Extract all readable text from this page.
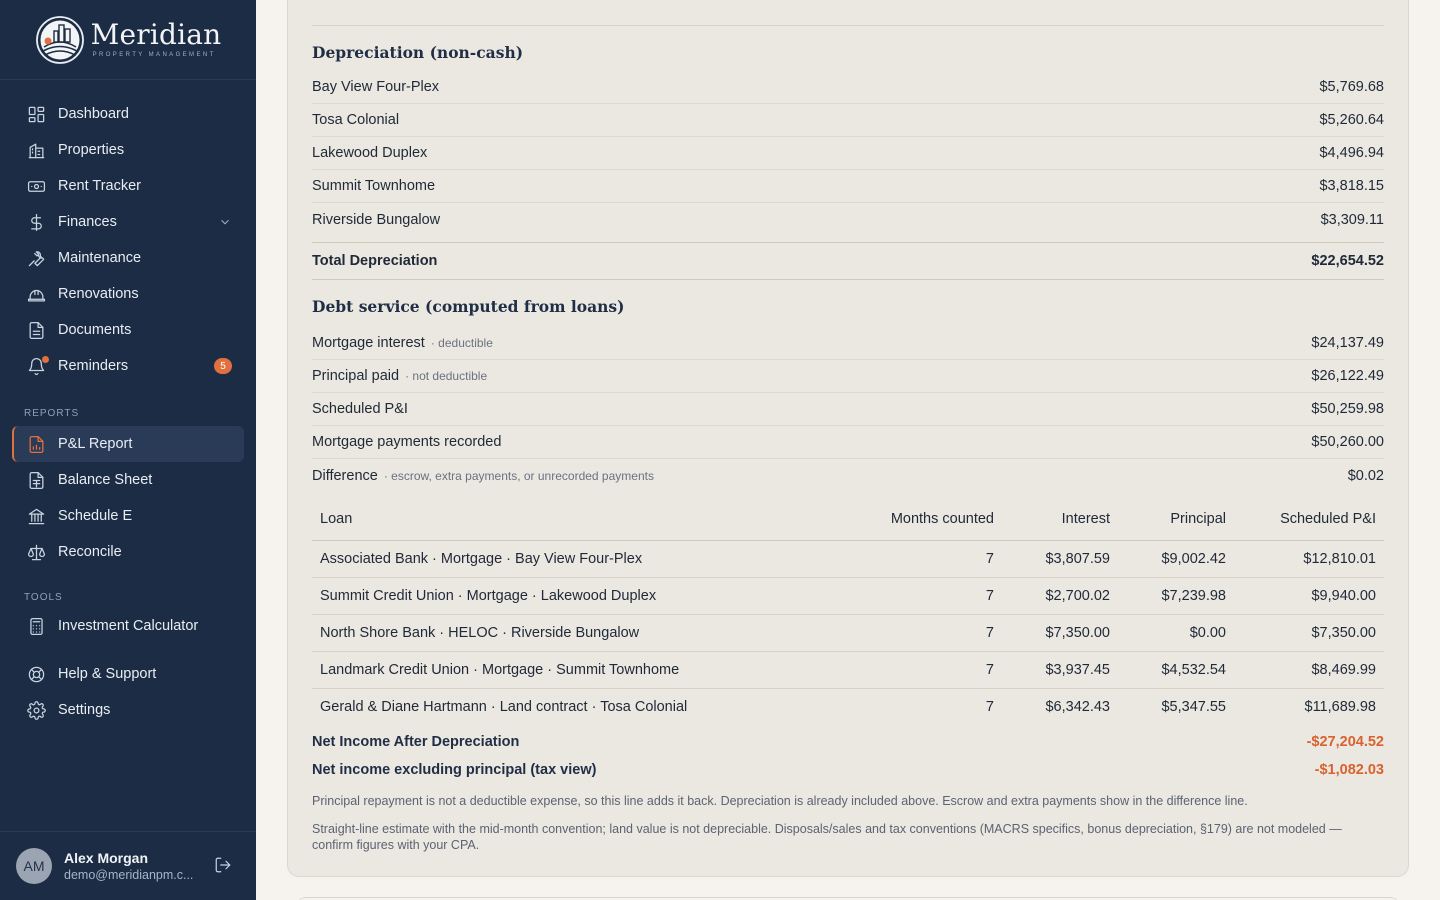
Meridian
PROPERTY MANAGEMENT
Dashboard
Properties
Rent Tracker
Finances
Maintenance
Renovations
Documents
Reminders	5
REPORTS
P&L Report
Balance Sheet
Schedule E
Reconcile
TOOLS
Investment Calculator
Help & Support
Settings
AM	Alex Morgan
demo@meridianpm.c...
Depreciation (non-cash)
Bay View Four-Plex	$5,769.68
Tosa Colonial	$5,260.64
Lakewood Duplex	$4,496.94
Summit Townhome	$3,818.15
Riverside Bungalow	$3,309.11
Total Depreciation	$22,654.52
Debt service (computed from loans)
Mortgage interest · deductible	$24,137.49
Principal paid · not deductible	$26,122.49
Scheduled P&I	$50,259.98
Mortgage payments recorded	$50,260.00
Difference · escrow, extra payments, or unrecorded payments	$0.02
Loan	Months counted	Interest	Principal	Scheduled P&I
Associated Bank · Mortgage · Bay View Four-Plex	7	$3,807.59	$9,002.42	$12,810.01
Summit Credit Union · Mortgage · Lakewood Duplex	7	$2,700.02	$7,239.98	$9,940.00
North Shore Bank · HELOC · Riverside Bungalow	7	$7,350.00	$0.00	$7,350.00
Landmark Credit Union · Mortgage · Summit Townhome	7	$3,937.45	$4,532.54	$8,469.99
Gerald & Diane Hartmann · Land contract · Tosa Colonial	7	$6,342.43	$5,347.55	$11,689.98
Net Income After Depreciation	-$27,204.52
Net income excluding principal (tax view)	-$1,082.03

Principal repayment is not a deductible expense, so this line adds it back. Depreciation is already included above. Escrow and extra payments show in the difference line.

Straight-line estimate with the mid-month convention; land value is not depreciable. Disposals/sales and tax conventions (MACRS specifics, bonus depreciation, §179) are not modeled — confirm figures with your CPA.
